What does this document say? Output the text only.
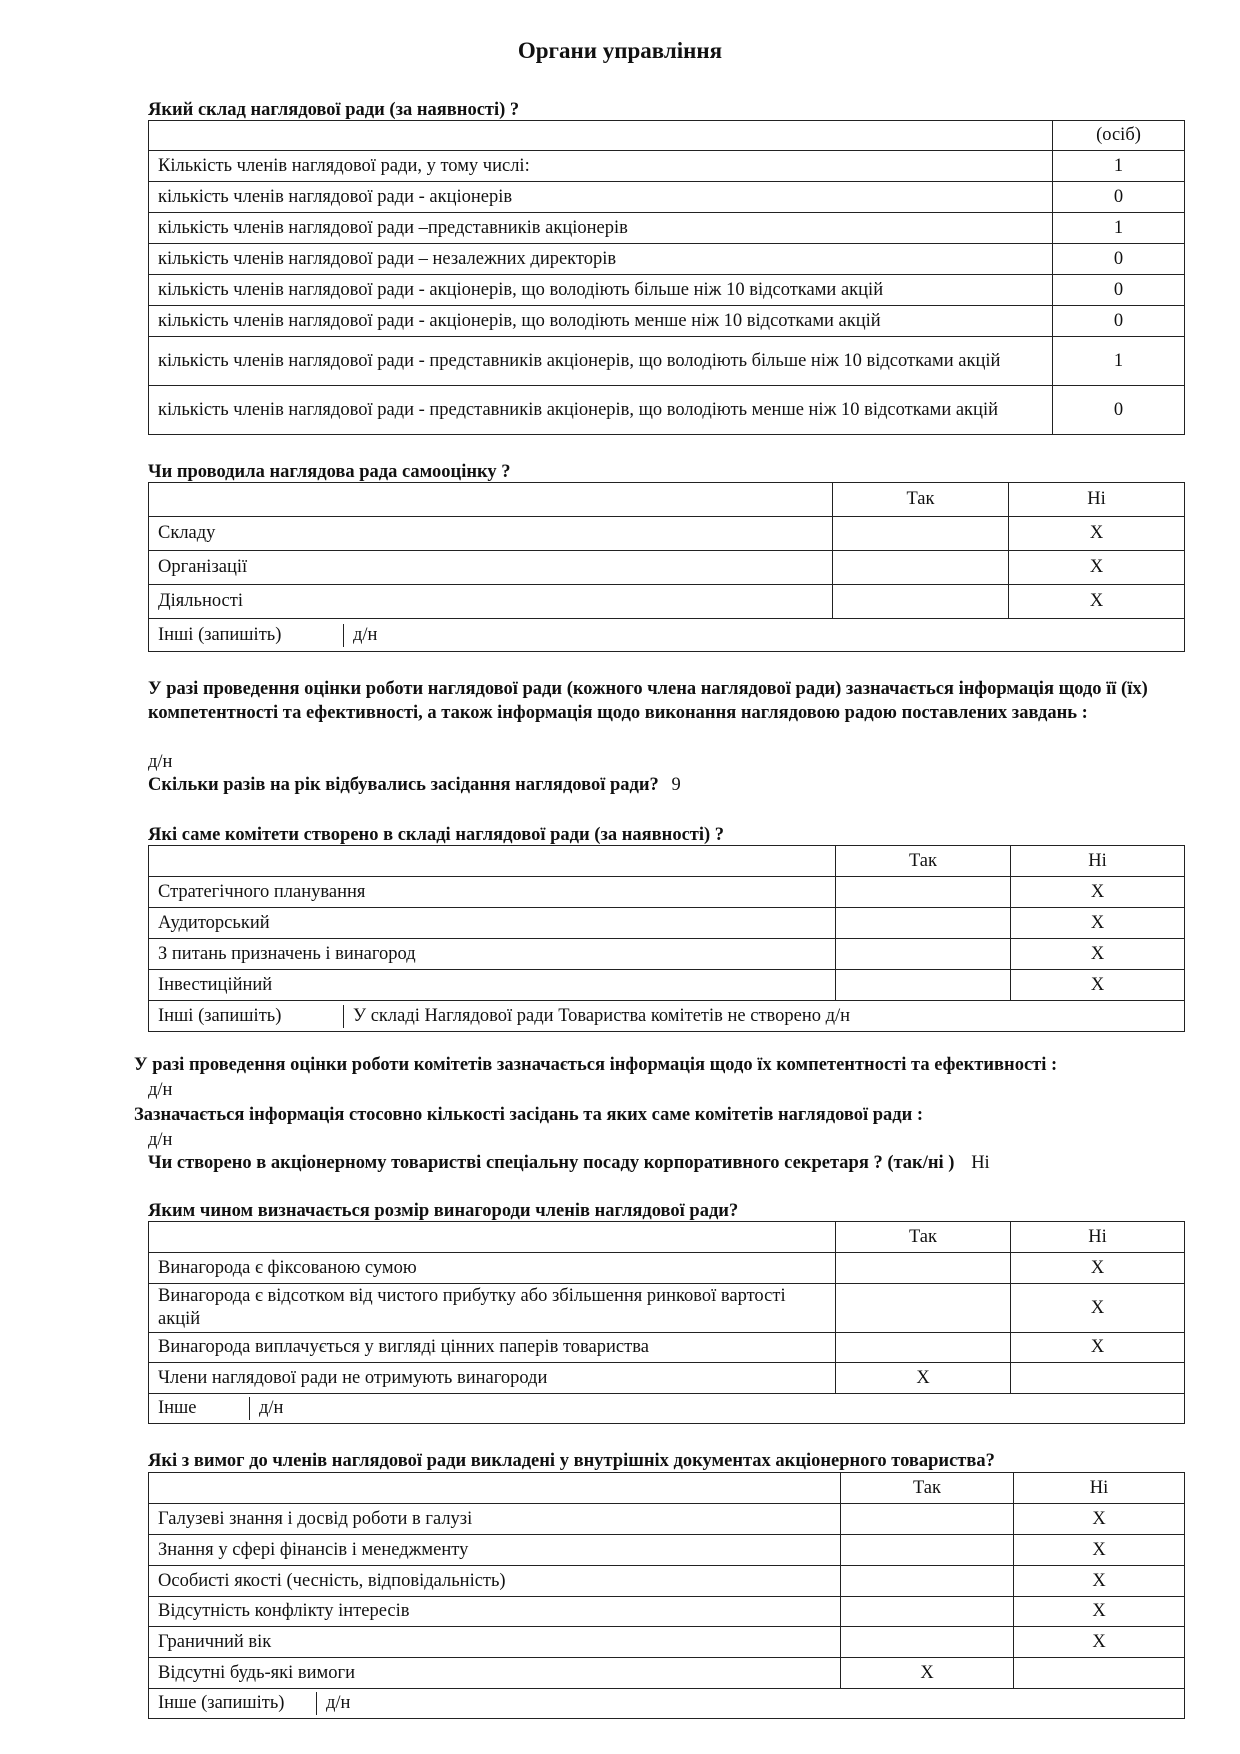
Органи управління
Який склад наглядової ради (за наявності) ?
	(осіб)
Кількість членів наглядової ради, у тому числі:	1
кількість членів наглядової ради - акціонерів	0
кількість членів наглядової ради –представників акціонерів	1
кількість членів наглядової ради – незалежних директорів	0
кількість членів наглядової ради - акціонерів, що володіють більше ніж 10 відсотками акцій	0
кількість членів наглядової ради - акціонерів, що володіють менше ніж 10 відсотками акцій	0
кількість членів наглядової ради - представників акціонерів, що володіють більше ніж 10 відсотками акцій	1
кількість членів наглядової ради - представників акціонерів, що володіють менше ніж 10 відсотками акцій	0
Чи проводила наглядова рада самооцінку ?
	Так	Ні
Складу		X
Організації		X
Діяльності		X

Інші (запишіть) д/н		
У разі проведення оцінки роботи наглядової ради (кожного члена наглядової ради) зазначається інформація щодо її (їх) компетентності та ефективності, а також інформація щодо виконання наглядовою радою поставлених завдань :
д/н
Скільки разів на рік відбувались засідання наглядової ради? 9
Які саме комітети створено в складі наглядової ради (за наявності) ?
	Так	Ні
Стратегічного планування		X
Аудиторський		X
З питань призначень і винагород		X
Інвестиційний		X

Інші (запишіть) У складі Наглядової ради Товариства комітетів не створено д/н		
У разі проведення оцінки роботи комітетів зазначається інформація щодо їх компетентності та ефективності :
д/н
Зазначається інформація стосовно кількості засідань та яких саме комітетів наглядової ради :
д/н
Чи створено в акціонерному товаристві спеціальну посаду корпоративного секретаря ? (так/ні ) Ні
Яким чином визначається розмір винагороди членів наглядової ради?
	Так	Ні
Винагорода є фіксованою сумою		X
Винагорода є відсотком від чистого прибутку або збільшення ринкової вартості акцій		X
Винагорода виплачується у вигляді цінних паперів товариства		X
Члени наглядової ради не отримують винагороди	X	

Інше д/н		
Які з вимог до членів наглядової ради викладені у внутрішніх документах акціонерного товариства?
	Так	Ні
Галузеві знання і досвід роботи в галузі		X
Знання у сфері фінансів і менеджменту		X
Особисті якості (чесність, відповідальність)		X
Відсутність конфлікту інтересів		X
Граничний вік		X
Відсутні будь-які вимоги	X	

Інше (запишіть) д/н		
